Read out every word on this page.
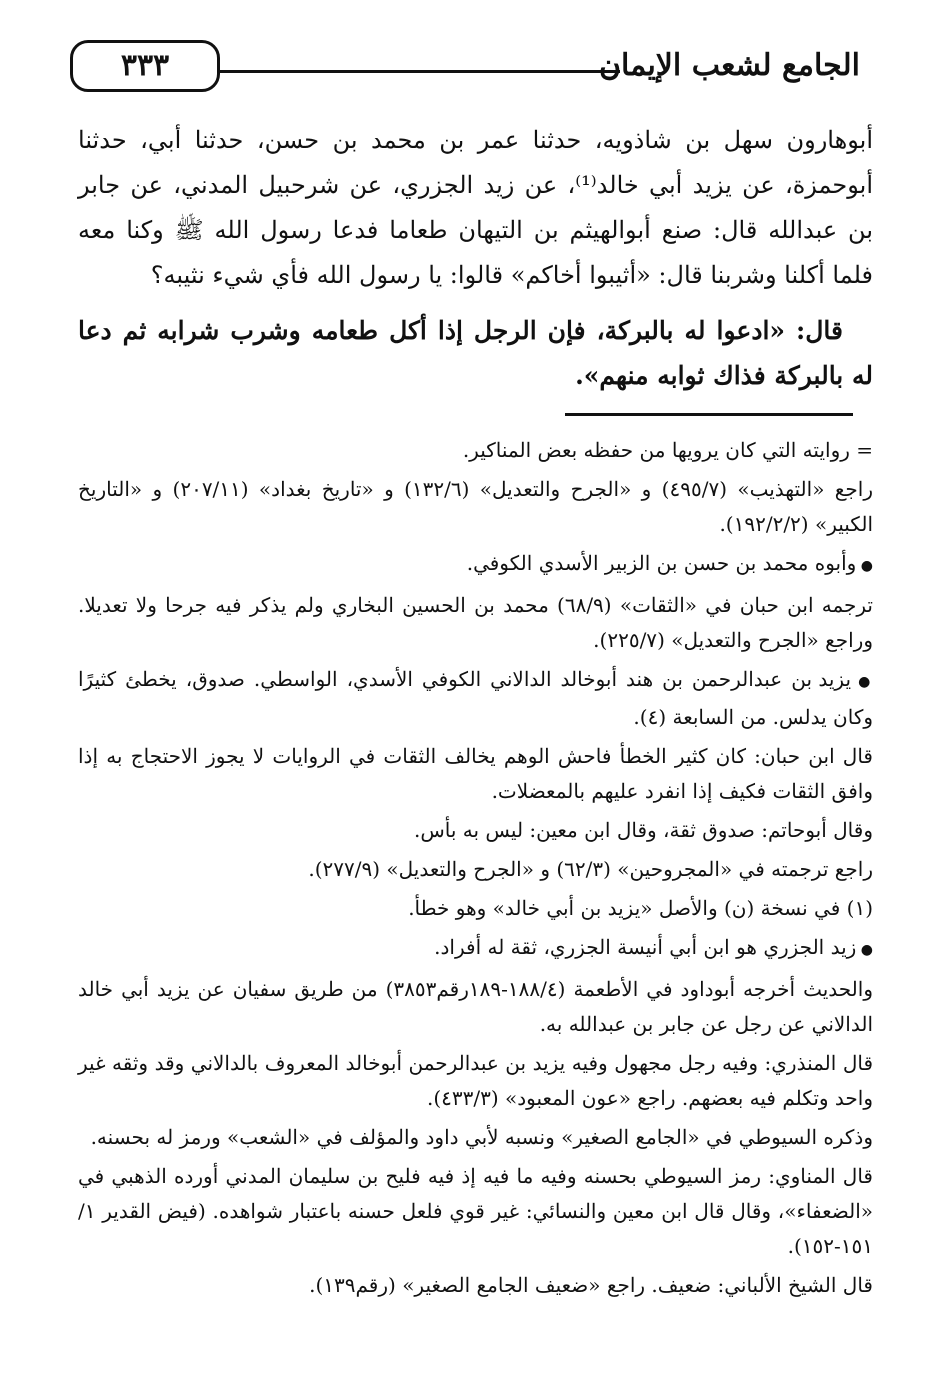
الجامع لشعب الإيمان
٣٣٣

أبوهارون سهل بن شاذويه، حدثنا عمر بن محمد بن حسن، حدثنا أبي، حدثنا أبوحمزة، عن يزيد أبي خالد⁽¹⁾، عن زيد الجزري، عن شرحبيل المدني، عن جابر بن عبدالله قال: صنع أبوالهيثم بن التيهان طعاما فدعا رسول الله ﷺ وكنا معه فلما أكلنا وشربنا قال: «أثيبوا أخاكم» قالوا: يا رسول الله فأي شيء نثيبه؟

قال: «ادعوا له بالبركة، فإن الرجل إذا أكل طعامه وشرب شرابه ثم دعا له بالبركة فذاك ثوابه منهم».

= روايته التي كان يرويها من حفظه بعض المناكير.

راجع «التهذيب» (٤٩٥/٧) و «الجرح والتعديل» (١٣٢/٦) و «تاريخ بغداد» (٢٠٧/١١) و «التاريخ الكبير» (١٩٢/٢/٢).

● وأبوه محمد بن حسن بن الزبير الأسدي الكوفي.

ترجمه ابن حبان في «الثقات» (٦٨/٩) محمد بن الحسين البخاري ولم يذكر فيه جرحا ولا تعديلا. وراجع «الجرح والتعديل» (٢٢٥/٧).

● يزيد بن عبدالرحمن بن هند أبوخالد الدالاني الكوفي الأسدي، الواسطي. صدوق، يخطئ كثيرًا وكان يدلس. من السابعة (٤).

قال ابن حبان: كان كثير الخطأ فاحش الوهم يخالف الثقات في الروايات لا يجوز الاحتجاج به إذا وافق الثقات فكيف إذا انفرد عليهم بالمعضلات.

وقال أبوحاتم: صدوق ثقة، وقال ابن معين: ليس به بأس.

راجع ترجمته في «المجروحين» (٦٢/٣) و «الجرح والتعديل» (٢٧٧/٩).

(١) في نسخة (ن) والأصل «يزيد بن أبي خالد» وهو خطأ.

● زيد الجزري هو ابن أبي أنيسة الجزري، ثقة له أفراد.

والحديث أخرجه أبوداود في الأطعمة (١٨٨/٤-١٨٩رقم٣٨٥٣) من طريق سفيان عن يزيد أبي خالد الدالاني عن رجل عن جابر بن عبدالله به.

قال المنذري: وفيه رجل مجهول وفيه يزيد بن عبدالرحمن أبوخالد المعروف بالدالاني وقد وثقه غير واحد وتكلم فيه بعضهم. راجع «عون المعبود» (٤٣٣/٣).

وذكره السيوطي في «الجامع الصغير» ونسبه لأبي داود والمؤلف في «الشعب» ورمز له بحسنه.

قال المناوي: رمز السيوطي بحسنه وفيه ما فيه إذ فيه فليح بن سليمان المدني أورده الذهبي في «الضعفاء»، وقال قال ابن معين والنسائي: غير قوي فلعل حسنه باعتبار شواهده. (فيض القدير ١/ ١٥١-١٥٢).

قال الشيخ الألباني: ضعيف. راجع «ضعيف الجامع الصغير» (رقم١٣٩).
